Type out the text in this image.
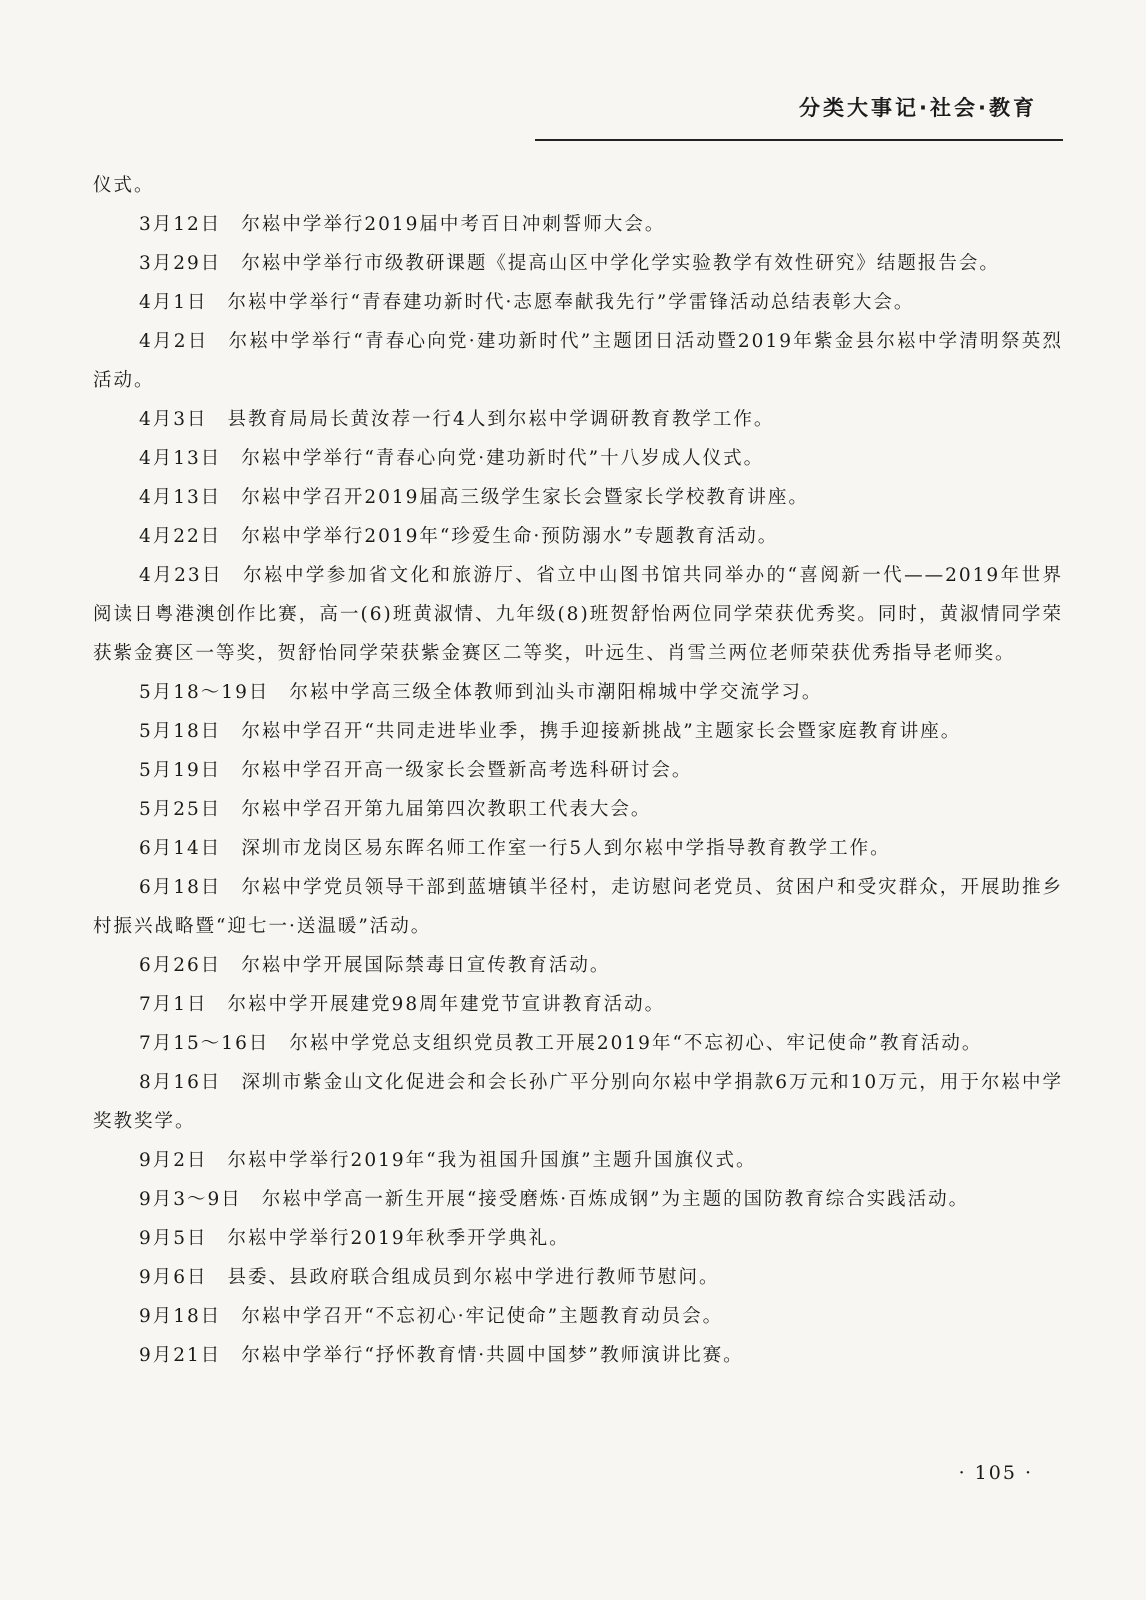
分类大事记·社会·教育

仪式。

3月12日 尔崧中学举行2019届中考百日冲刺誓师大会。

3月29日 尔崧中学举行市级教研课题《提高山区中学化学实验教学有效性研究》结题报告会。

4月1日 尔崧中学举行“青春建功新时代·志愿奉献我先行”学雷锋活动总结表彰大会。

4月2日 尔崧中学举行“青春心向党·建功新时代”主题团日活动暨2019年紫金县尔崧中学清明祭英烈活动。

4月3日 县教育局局长黄汝荐一行4人到尔崧中学调研教育教学工作。

4月13日 尔崧中学举行“青春心向党·建功新时代”十八岁成人仪式。

4月13日 尔崧中学召开2019届高三级学生家长会暨家长学校教育讲座。

4月22日 尔崧中学举行2019年“珍爱生命·预防溺水”专题教育活动。

4月23日 尔崧中学参加省文化和旅游厅、省立中山图书馆共同举办的“喜阅新一代——2019年世界阅读日粤港澳创作比赛，高一(6)班黄淑情、九年级(8)班贺舒怡两位同学荣获优秀奖。同时，黄淑情同学荣获紫金赛区一等奖，贺舒怡同学荣获紫金赛区二等奖，叶远生、肖雪兰两位老师荣获优秀指导老师奖。

5月18～19日 尔崧中学高三级全体教师到汕头市潮阳棉城中学交流学习。

5月18日 尔崧中学召开“共同走进毕业季，携手迎接新挑战”主题家长会暨家庭教育讲座。

5月19日 尔崧中学召开高一级家长会暨新高考选科研讨会。

5月25日 尔崧中学召开第九届第四次教职工代表大会。

6月14日 深圳市龙岗区易东晖名师工作室一行5人到尔崧中学指导教育教学工作。

6月18日 尔崧中学党员领导干部到蓝塘镇半径村，走访慰问老党员、贫困户和受灾群众，开展助推乡村振兴战略暨“迎七一·送温暖”活动。

6月26日 尔崧中学开展国际禁毒日宣传教育活动。

7月1日 尔崧中学开展建党98周年建党节宣讲教育活动。

7月15～16日 尔崧中学党总支组织党员教工开展2019年“不忘初心、牢记使命”教育活动。

8月16日 深圳市紫金山文化促进会和会长孙广平分别向尔崧中学捐款6万元和10万元，用于尔崧中学奖教奖学。

9月2日 尔崧中学举行2019年“我为祖国升国旗”主题升国旗仪式。

9月3～9日 尔崧中学高一新生开展“接受磨炼·百炼成钢”为主题的国防教育综合实践活动。

9月5日 尔崧中学举行2019年秋季开学典礼。

9月6日 县委、县政府联合组成员到尔崧中学进行教师节慰问。

9月18日 尔崧中学召开“不忘初心·牢记使命”主题教育动员会。

9月21日 尔崧中学举行“抒怀教育情·共圆中国梦”教师演讲比赛。

· 105 ·
